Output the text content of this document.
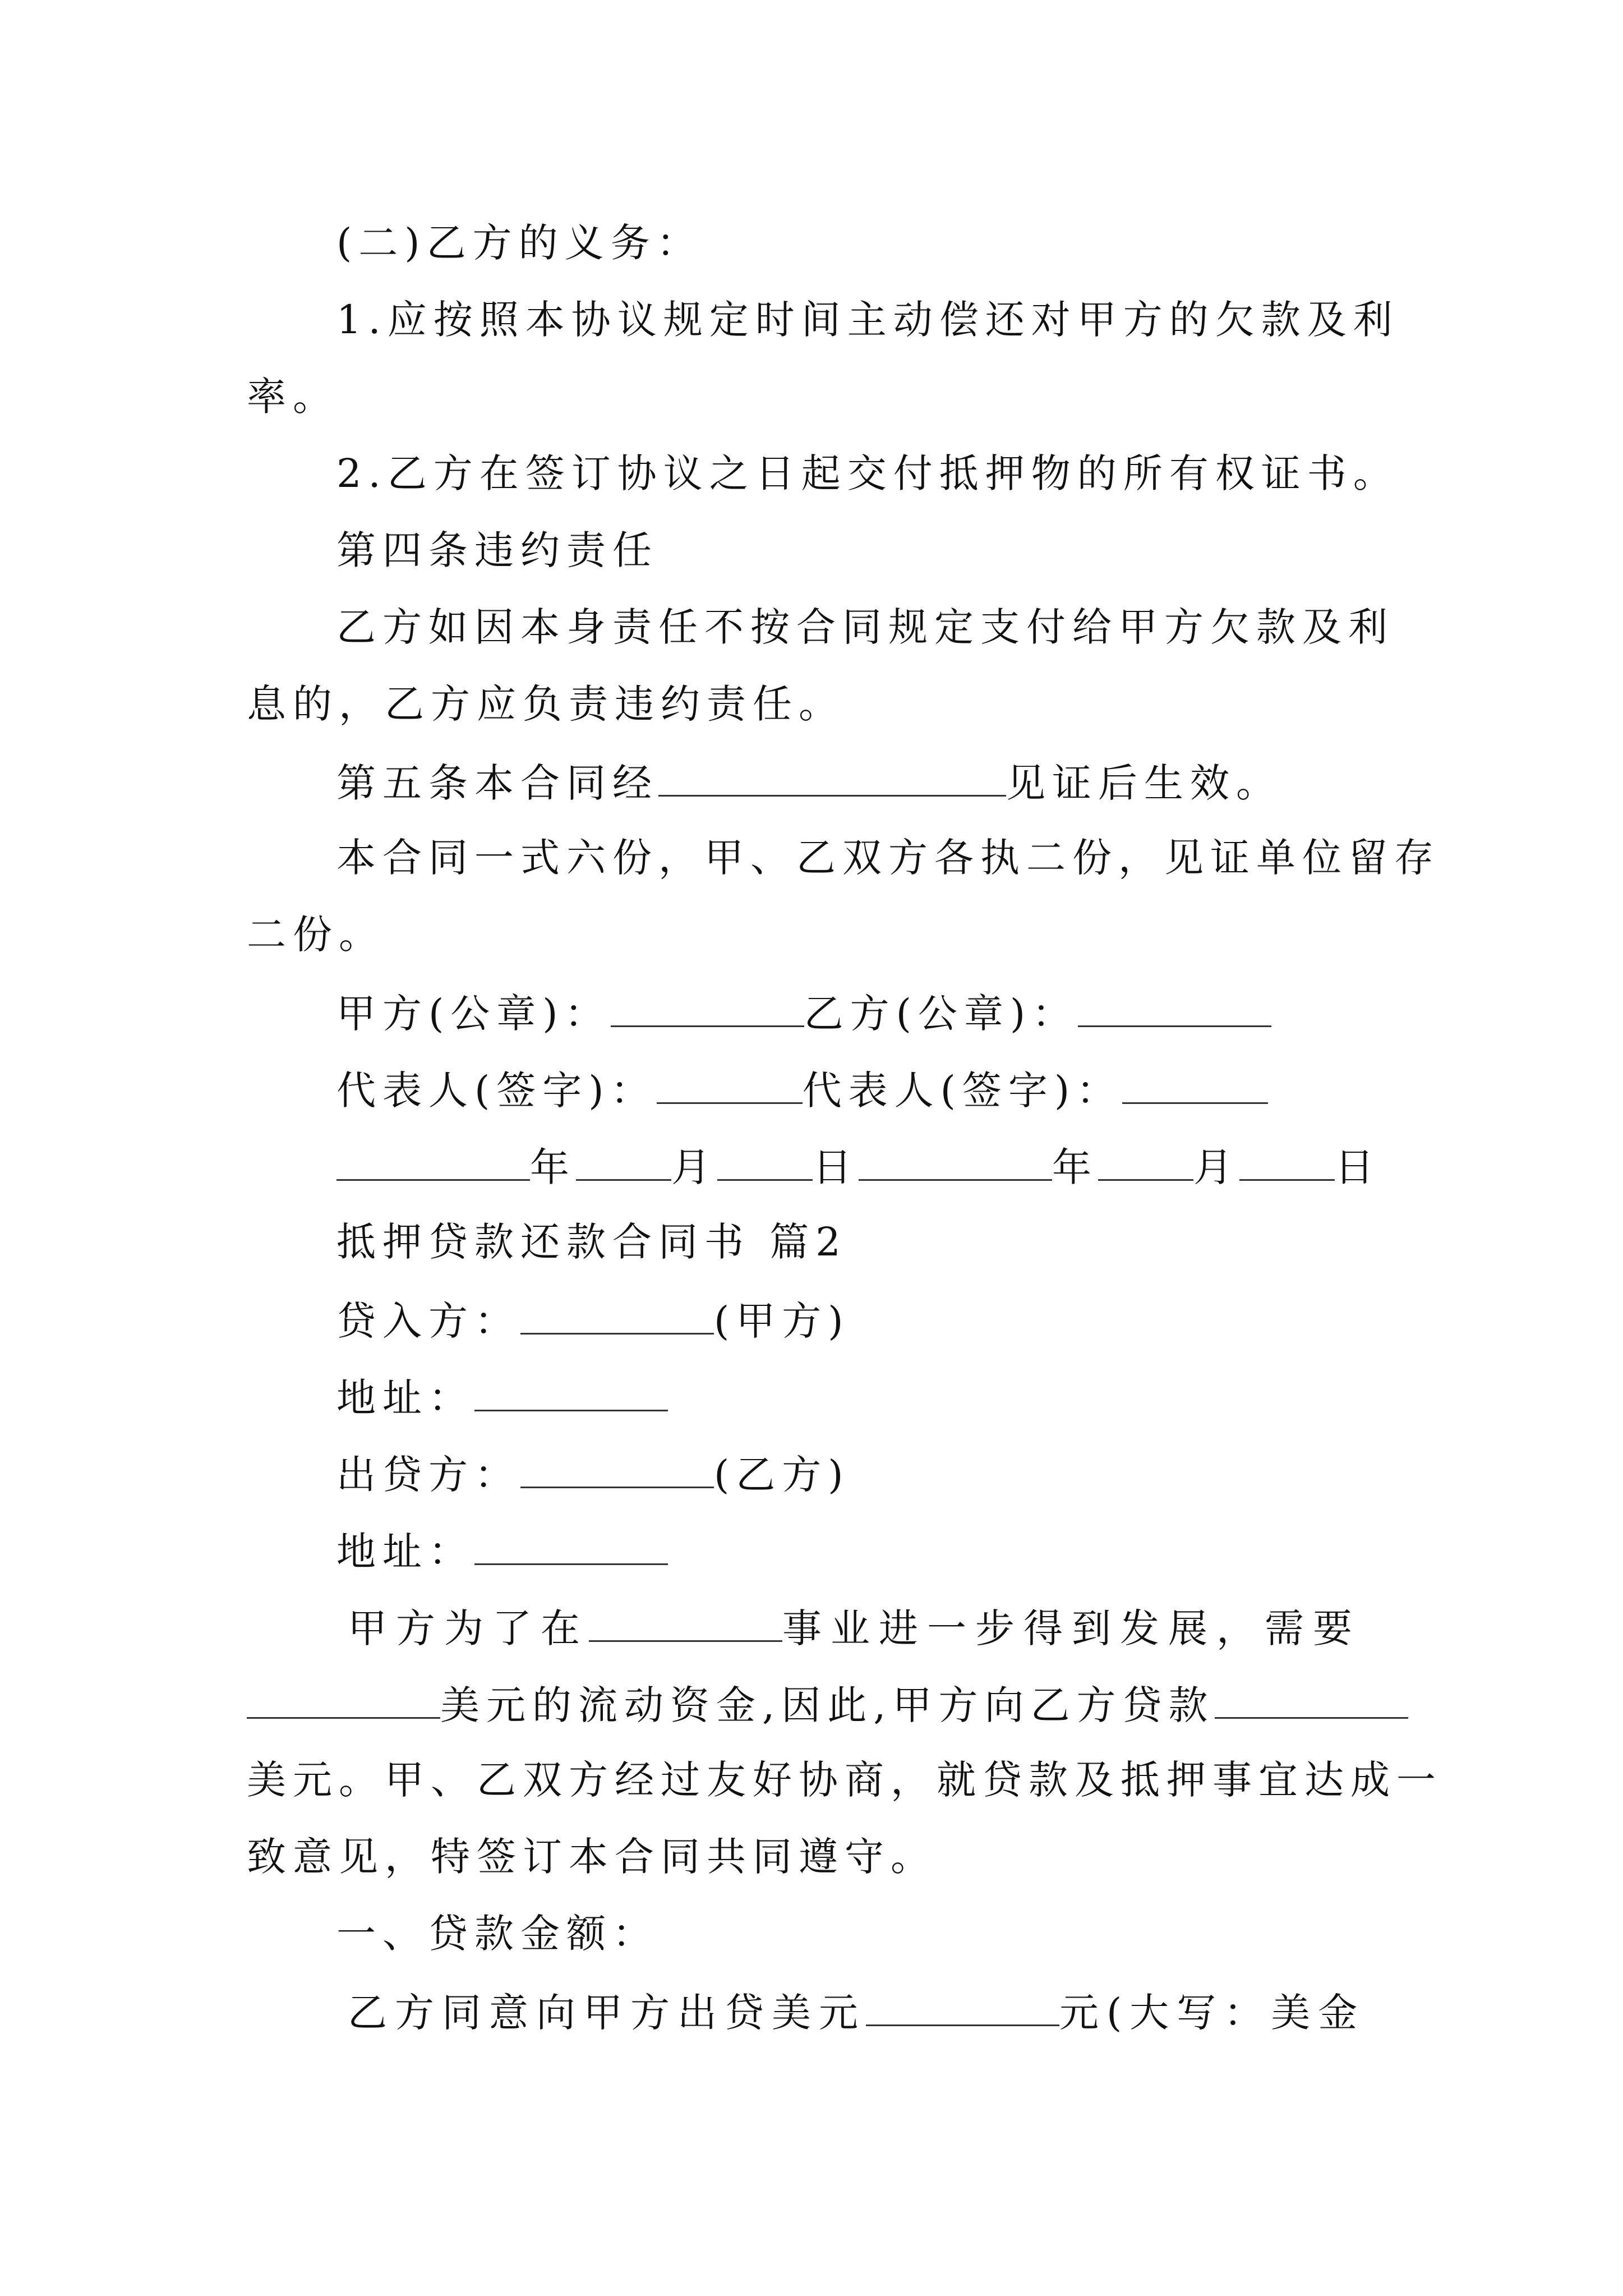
(二)乙方的义务：
1.应按照本协议规定时间主动偿还对甲方的欠款及利
率。
2.乙方在签订协议之日起交付抵押物的所有权证书。
第四条违约责任
乙方如因本身责任不按合同规定支付给甲方欠款及利
息的，乙方应负责违约责任。
第五条本合同经	见证后生效。
本合同一式六份，甲、乙双方各执二份，见证单位留存
二份。
甲方(公章)：	乙方(公章)：
代表人(签字)：	代表人(签字)：
年 月 日	年 月 日
抵押贷款还款合同书 篇2
贷入方：	(甲方)
地址：
出贷方：	(乙方)
地址：
甲方为了在	事业进一步得到发展，需要
美元的流动资金,因此,甲方向乙方贷款
美元。甲、乙双方经过友好协商，就贷款及抵押事宜达成一
致意见，特签订本合同共同遵守。
一、贷款金额：
乙方同意向甲方出贷美元	元(大写：美金
